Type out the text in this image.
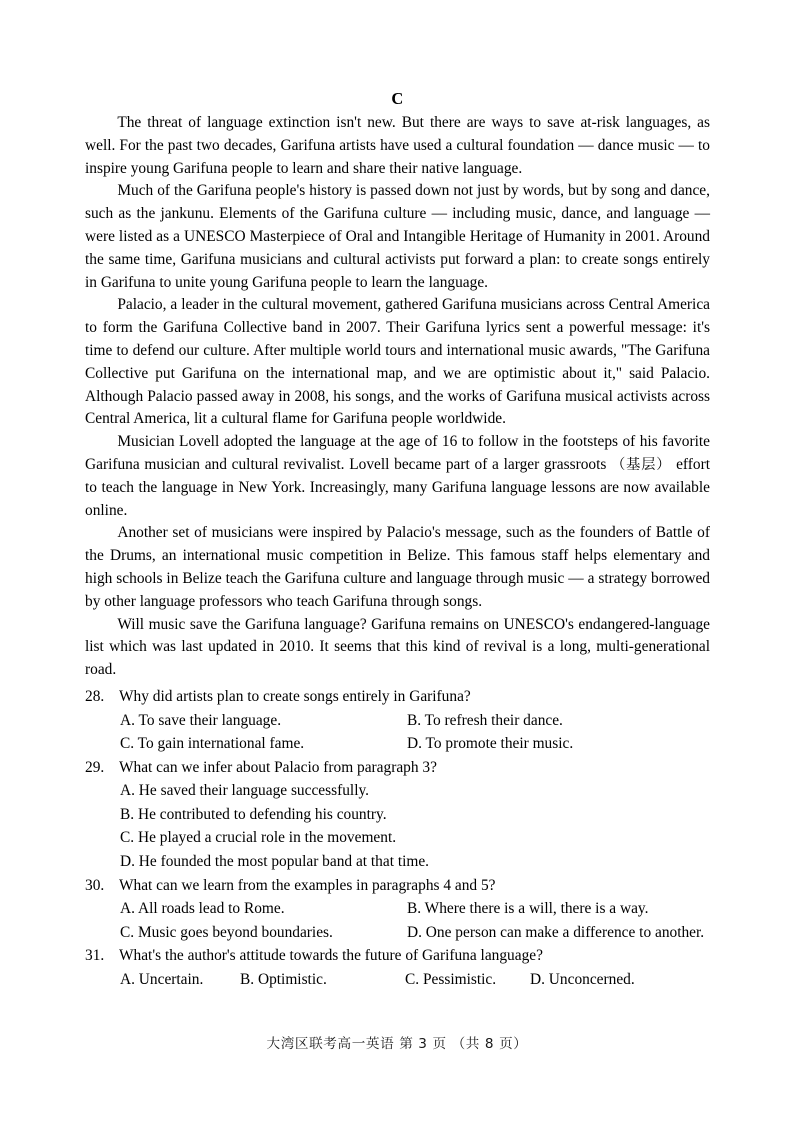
C

The threat of language extinction isn't new. But there are ways to save at-risk languages, as well. For the past two decades, Garifuna artists have used a cultural foundation — dance music — to inspire young Garifuna people to learn and share their native language.

Much of the Garifuna people's history is passed down not just by words, but by song and dance, such as the jankunu. Elements of the Garifuna culture — including music, dance, and language — were listed as a UNESCO Masterpiece of Oral and Intangible Heritage of Humanity in 2001. Around the same time, Garifuna musicians and cultural activists put forward a plan: to create songs entirely in Garifuna to unite young Garifuna people to learn the language.

Palacio, a leader in the cultural movement, gathered Garifuna musicians across Central America to form the Garifuna Collective band in 2007. Their Garifuna lyrics sent a powerful message: it's time to defend our culture. After multiple world tours and international music awards, "The Garifuna Collective put Garifuna on the international map, and we are optimistic about it," said Palacio. Although Palacio passed away in 2008, his songs, and the works of Garifuna musical activists across Central America, lit a cultural flame for Garifuna people worldwide.

Musician Lovell adopted the language at the age of 16 to follow in the footsteps of his favorite Garifuna musician and cultural revivalist. Lovell became part of a larger grassroots （基层） effort to teach the language in New York. Increasingly, many Garifuna language lessons are now available online.

Another set of musicians were inspired by Palacio's message, such as the founders of Battle of the Drums, an international music competition in Belize. This famous staff helps elementary and high schools in Belize teach the Garifuna culture and language through music — a strategy borrowed by other language professors who teach Garifuna through songs.

Will music save the Garifuna language? Garifuna remains on UNESCO's endangered-language list which was last updated in 2010. It seems that this kind of revival is a long, multi-generational road.

28. Why did artists plan to create songs entirely in Garifuna?
A. To save their language.	B. To refresh their dance.
C. To gain international fame.	D. To promote their music.
29. What can we infer about Palacio from paragraph 3?
A. He saved their language successfully.
B. He contributed to defending his country.
C. He played a crucial role in the movement.
D. He founded the most popular band at that time.
30. What can we learn from the examples in paragraphs 4 and 5?
A. All roads lead to Rome.	B. Where there is a will, there is a way.
C. Music goes beyond boundaries.	D. One person can make a difference to another.
31. What's the author's attitude towards the future of Garifuna language?
A. Uncertain.	B. Optimistic.	C. Pessimistic.	D. Unconcerned.
大湾区联考高一英语 第 3 页 （共 8 页）
